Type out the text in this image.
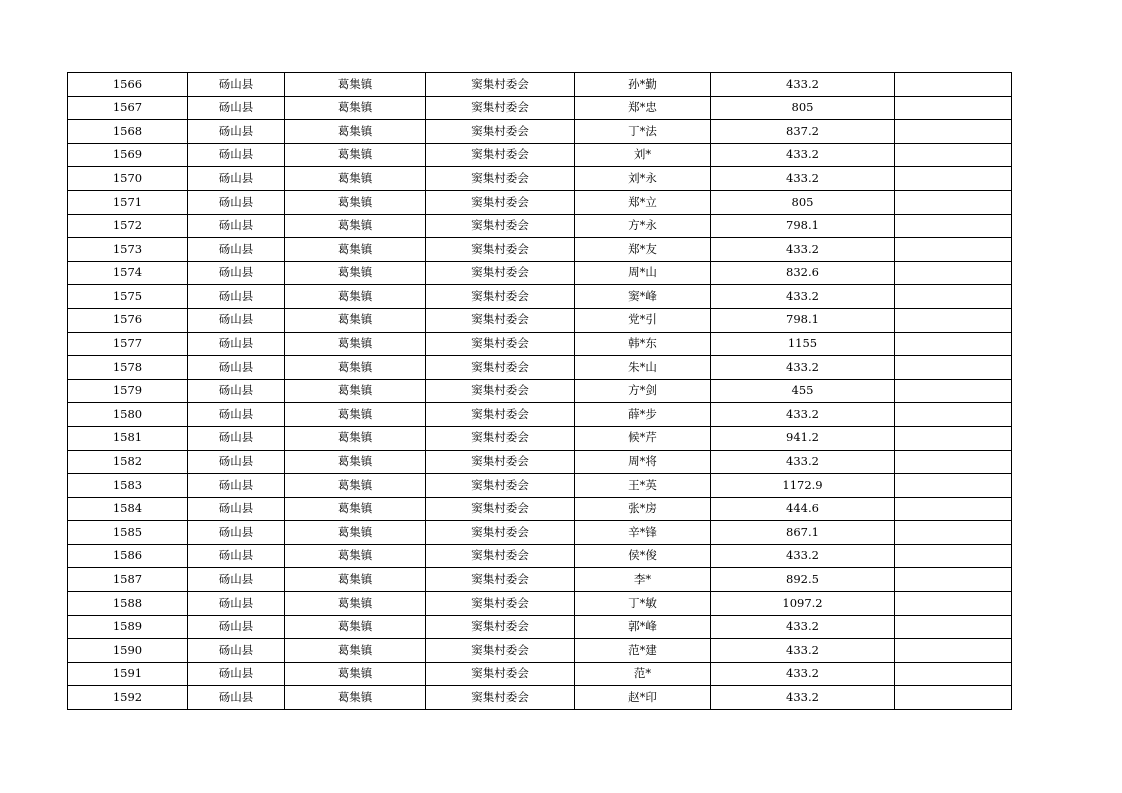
1566	砀山县	葛集镇	窦集村委会	孙*勤	433.2	
1567	砀山县	葛集镇	窦集村委会	郑*忠	805	
1568	砀山县	葛集镇	窦集村委会	丁*法	837.2	
1569	砀山县	葛集镇	窦集村委会	刘*	433.2	
1570	砀山县	葛集镇	窦集村委会	刘*永	433.2	
1571	砀山县	葛集镇	窦集村委会	郑*立	805	
1572	砀山县	葛集镇	窦集村委会	方*永	798.1	
1573	砀山县	葛集镇	窦集村委会	郑*友	433.2	
1574	砀山县	葛集镇	窦集村委会	周*山	832.6	
1575	砀山县	葛集镇	窦集村委会	窦*峰	433.2	
1576	砀山县	葛集镇	窦集村委会	党*引	798.1	
1577	砀山县	葛集镇	窦集村委会	韩*东	1155	
1578	砀山县	葛集镇	窦集村委会	朱*山	433.2	
1579	砀山县	葛集镇	窦集村委会	方*剑	455	
1580	砀山县	葛集镇	窦集村委会	薛*步	433.2	
1581	砀山县	葛集镇	窦集村委会	候*芹	941.2	
1582	砀山县	葛集镇	窦集村委会	周*将	433.2	
1583	砀山县	葛集镇	窦集村委会	王*英	1172.9	
1584	砀山县	葛集镇	窦集村委会	张*房	444.6	
1585	砀山县	葛集镇	窦集村委会	辛*锋	867.1	
1586	砀山县	葛集镇	窦集村委会	侯*俊	433.2	
1587	砀山县	葛集镇	窦集村委会	李*	892.5	
1588	砀山县	葛集镇	窦集村委会	丁*敏	1097.2	
1589	砀山县	葛集镇	窦集村委会	郭*峰	433.2	
1590	砀山县	葛集镇	窦集村委会	范*建	433.2	
1591	砀山县	葛集镇	窦集村委会	范*	433.2	
1592	砀山县	葛集镇	窦集村委会	赵*印	433.2	
